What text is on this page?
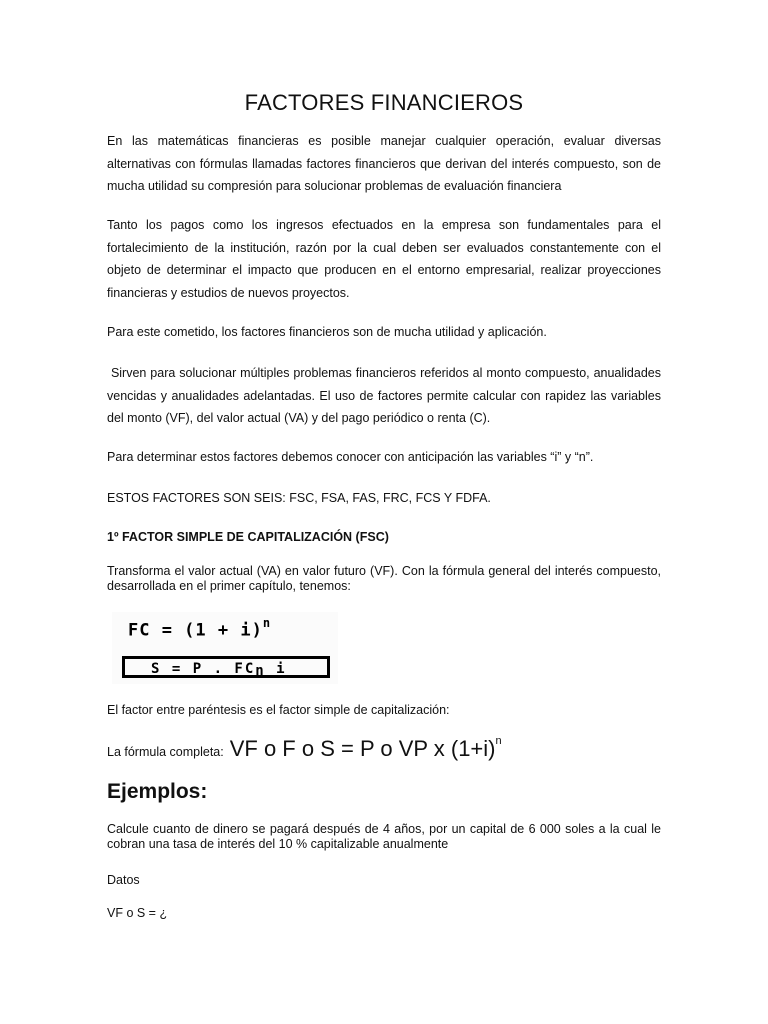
FACTORES FINANCIEROS
En las matemáticas financieras es posible manejar cualquier operación, evaluar diversas alternativas con fórmulas llamadas factores financieros que derivan del interés compuesto, son de mucha utilidad su compresión para solucionar problemas de evaluación financiera
Tanto los pagos como los ingresos efectuados en la empresa son fundamentales para el fortalecimiento de la institución, razón por la cual deben ser evaluados constantemente con el objeto de determinar el impacto que producen en el entorno empresarial, realizar proyecciones financieras y estudios de nuevos proyectos.
Para este cometido, los factores financieros son de mucha utilidad y aplicación.
Sirven para solucionar múltiples problemas financieros referidos al monto compuesto, anualidades vencidas y anualidades adelantadas. El uso de factores permite calcular con rapidez las variables del monto (VF), del valor actual (VA) y del pago periódico o renta (C).
Para determinar estos factores debemos conocer con anticipación las variables “i” y “n”.
ESTOS FACTORES SON SEIS: FSC, FSA, FAS, FRC, FCS Y FDFA.
1º FACTOR SIMPLE DE CAPITALIZACIÓN (FSC)
Transforma el valor actual (VA) en valor futuro (VF). Con la fórmula general del interés compuesto, desarrollada en el primer capítulo, tenemos:
FC = $(1 + i)^n$
S = P . $FC_n$ i
El factor entre paréntesis es el factor simple de capitalización:
La fórmula completa: VF o F o S = P o VP x $(1+i)^n$
Ejemplos:
Calcule cuanto de dinero se pagará después de 4 años, por un capital de 6 000 soles a la cual le cobran una tasa de interés del 10 % capitalizable anualmente
Datos
VF o S = ¿
